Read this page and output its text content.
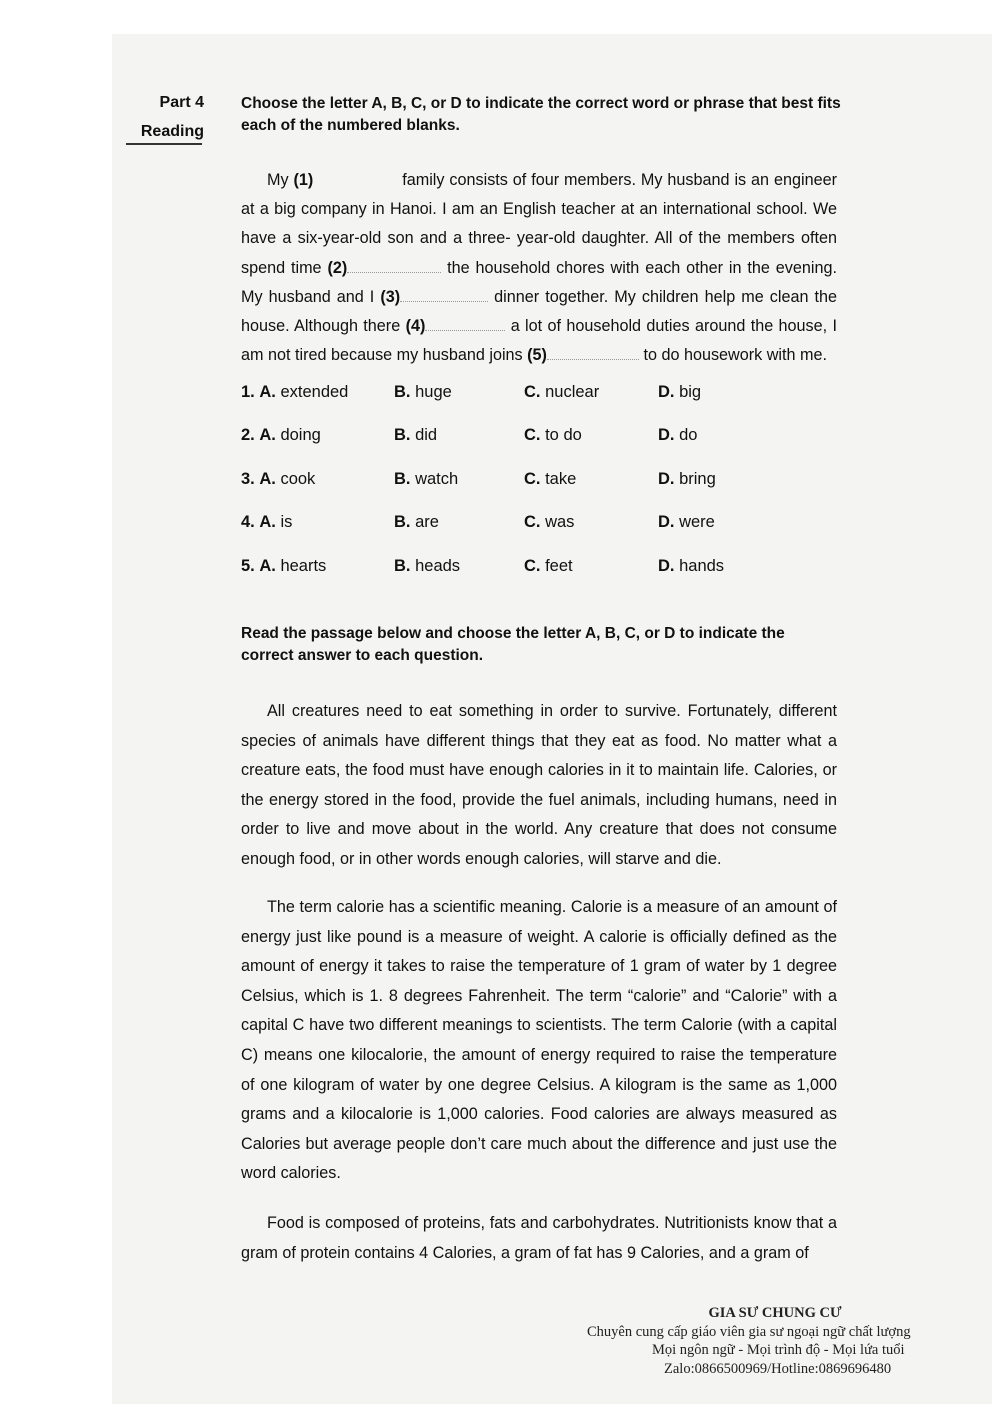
Part 4
Reading
Choose the letter A, B, C, or D to indicate the correct word or phrase that best fits each of the numbered blanks.
My (1)	family consists of four members. My husband is an engineer at a big company in Hanoi. I am an English teacher at an international school. We have a six-year-old son and a three- year-old daughter. All of the members often spend time (2)	the household chores with each other in the evening. My husband and I (3)	dinner together. My children help me clean the house. Although there (4)	a lot of household duties around the house, I am not tired because my husband joins (5)	to do housework with me.
1. A. extended	B. huge	C. nuclear	D. big
2. A. doing	B. did	C. to do	D. do
3. A. cook	B. watch	C. take	D. bring
4. A. is	B. are	C. was	D. were
5. A. hearts	B. heads	C. feet	D. hands
Read the passage below and choose the letter A, B, C, or D to indicate the correct answer to each question.
All creatures need to eat something in order to survive. Fortunately, different species of animals have different things that they eat as food. No matter what a creature eats, the food must have enough calories in it to maintain life. Calories, or the energy stored in the food, provide the fuel animals, including humans, need in order to live and move about in the world. Any creature that does not consume enough food, or in other words enough calories, will starve and die.
The term calorie has a scientific meaning. Calorie is a measure of an amount of energy just like pound is a measure of weight. A calorie is officially defined as the amount of energy it takes to raise the temperature of 1 gram of water by 1 degree Celsius, which is 1. 8 degrees Fahrenheit. The term “calorie” and “Calorie” with a capital C have two different meanings to scientists. The term Calorie (with a capital C) means one kilocalorie, the amount of energy required to raise the temperature of one kilogram of water by one degree Celsius. A kilogram is the same as 1,000 grams and a kilocalorie is 1,000 calories. Food calories are always measured as Calories but average people don’t care much about the difference and just use the word calories.
Food is composed of proteins, fats and carbohydrates. Nutritionists know that a gram of protein contains 4 Calories, a gram of fat has 9 Calories, and a gram of
GIA SƯ CHUNG CƯ
Chuyên cung cấp giáo viên gia sư ngoại ngữ chất lượng
Mọi ngôn ngữ - Mọi trình độ - Mọi lứa tuổi
Zalo:0866500969/Hotline:0869696480
